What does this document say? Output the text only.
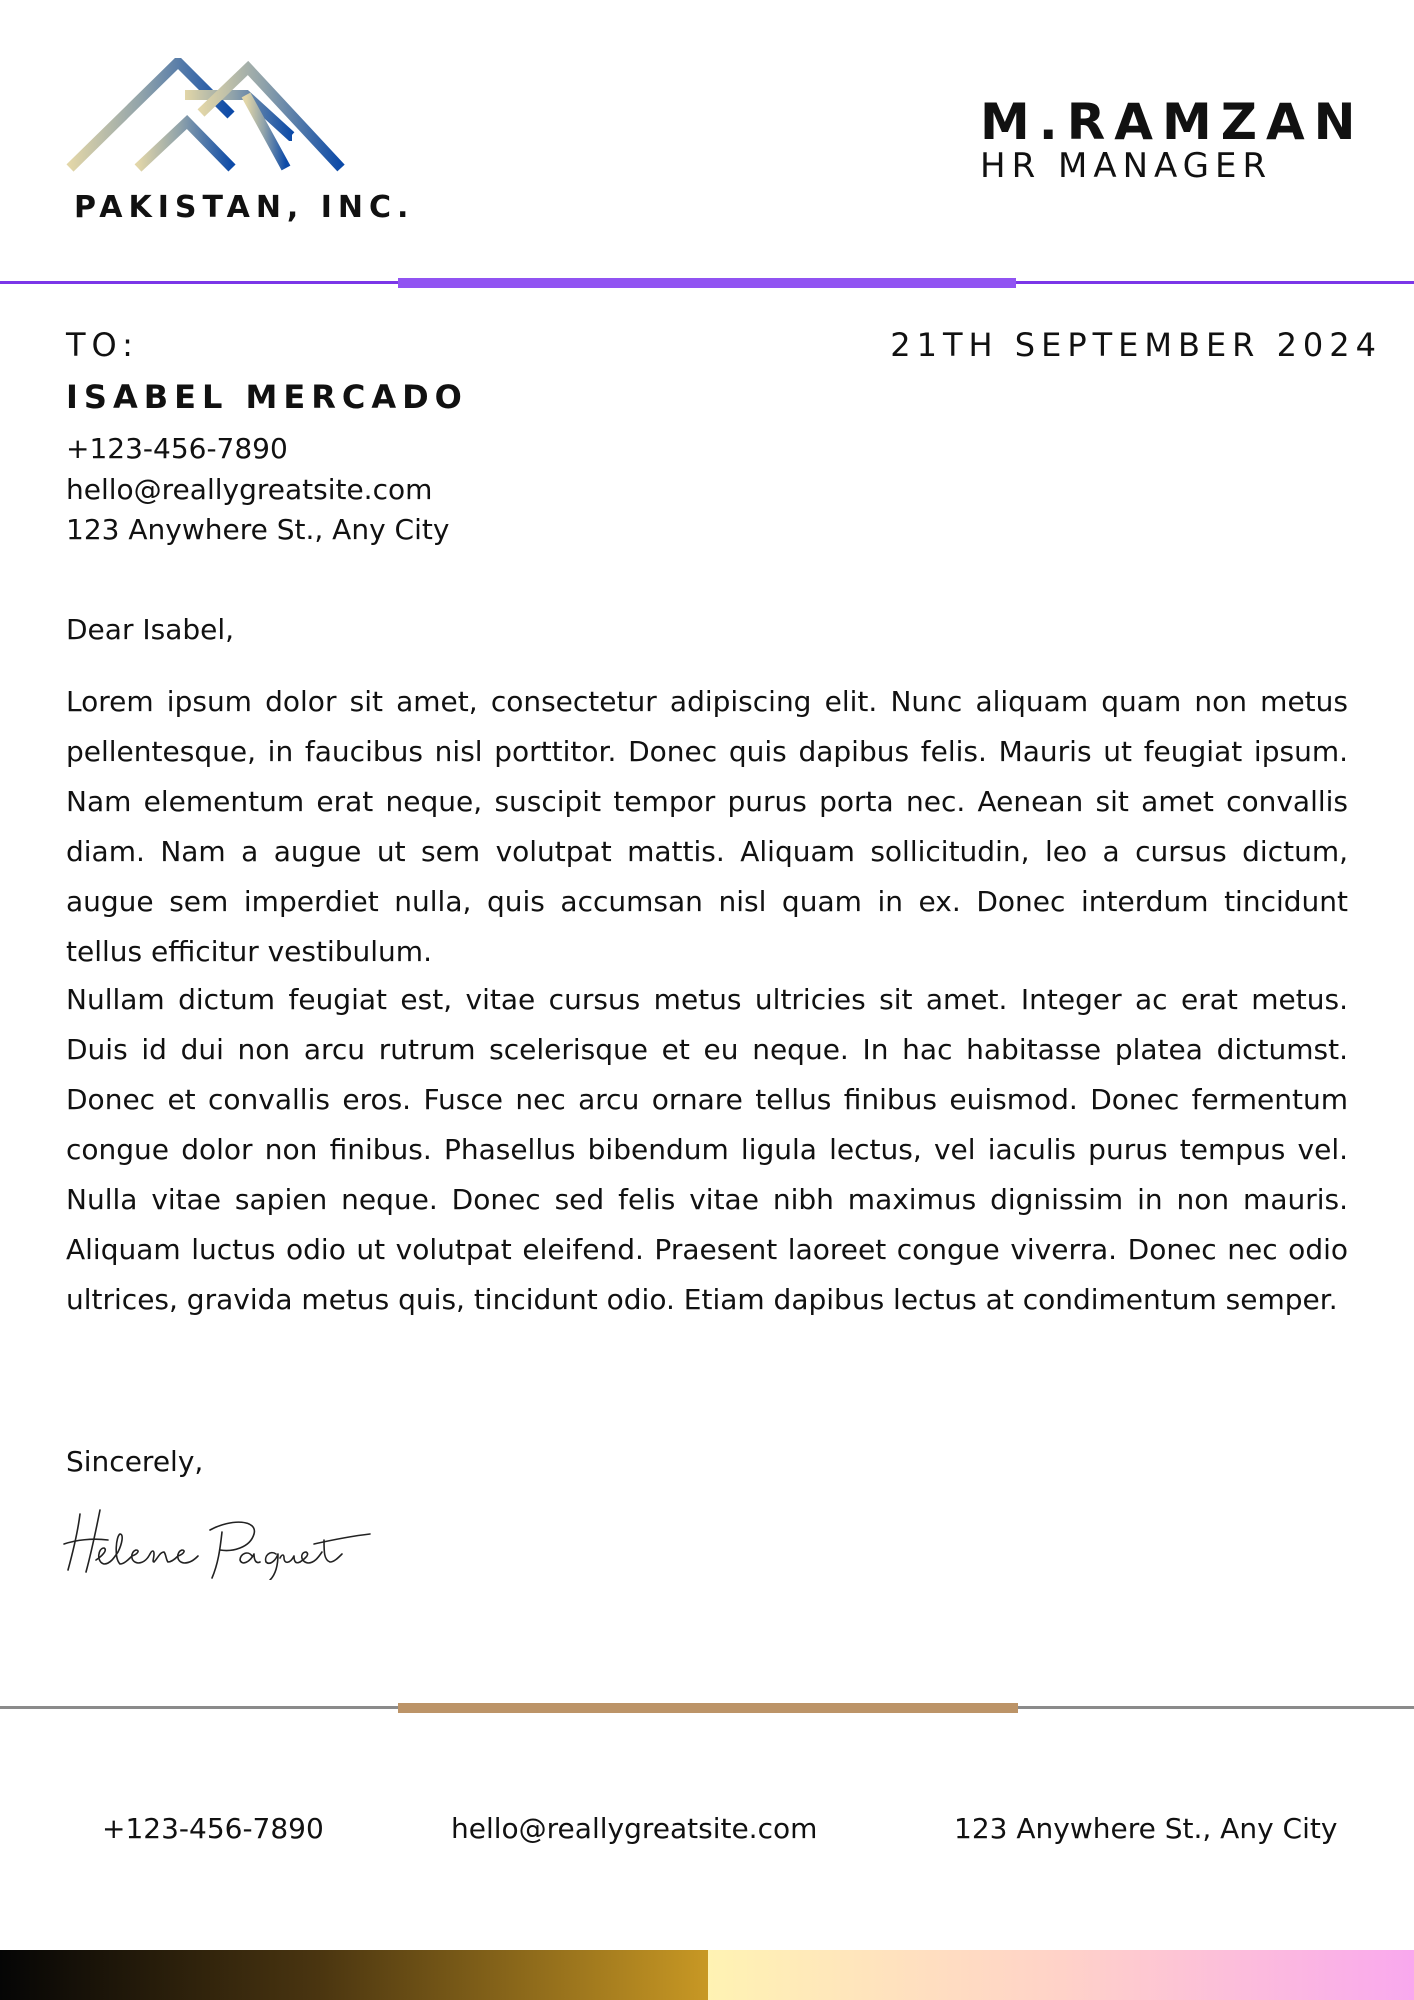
PAKISTAN, INC.
M.RAMZAN
HR MANAGER
TO:	21TH SEPTEMBER 2024
ISABEL MERCADO
+123-456-7890
hello@reallygreatsite.com
123 Anywhere St., Any City
Dear Isabel,
Lorem ipsum dolor sit amet, consectetur adipiscing elit. Nunc aliquam quam non metus pellentesque, in faucibus nisl porttitor. Donec quis dapibus felis. Mauris ut feugiat ipsum. Nam elementum erat neque, suscipit tempor purus porta nec. Aenean sit amet convallis diam. Nam a augue ut sem volutpat mattis. Aliquam sollicitudin, leo a cursus dictum, augue sem imperdiet nulla, quis accumsan nisl quam in ex. Donec interdum tincidunt tellus efficitur vestibulum.
Nullam dictum feugiat est, vitae cursus metus ultricies sit amet. Integer ac erat metus. Duis id dui non arcu rutrum scelerisque et eu neque. In hac habitasse platea dictumst. Donec et convallis eros. Fusce nec arcu ornare tellus finibus euismod. Donec fermentum congue dolor non finibus. Phasellus bibendum ligula lectus, vel iaculis purus tempus vel. Nulla vitae sapien neque. Donec sed felis vitae nibh maximus dignissim in non mauris. Aliquam luctus odio ut volutpat eleifend. Praesent laoreet congue viverra. Donec nec odio ultrices, gravida metus quis, tincidunt odio. Etiam dapibus lectus at condimentum semper.
Sincerely,
+123-456-7890	hello@reallygreatsite.com	123 Anywhere St., Any City
